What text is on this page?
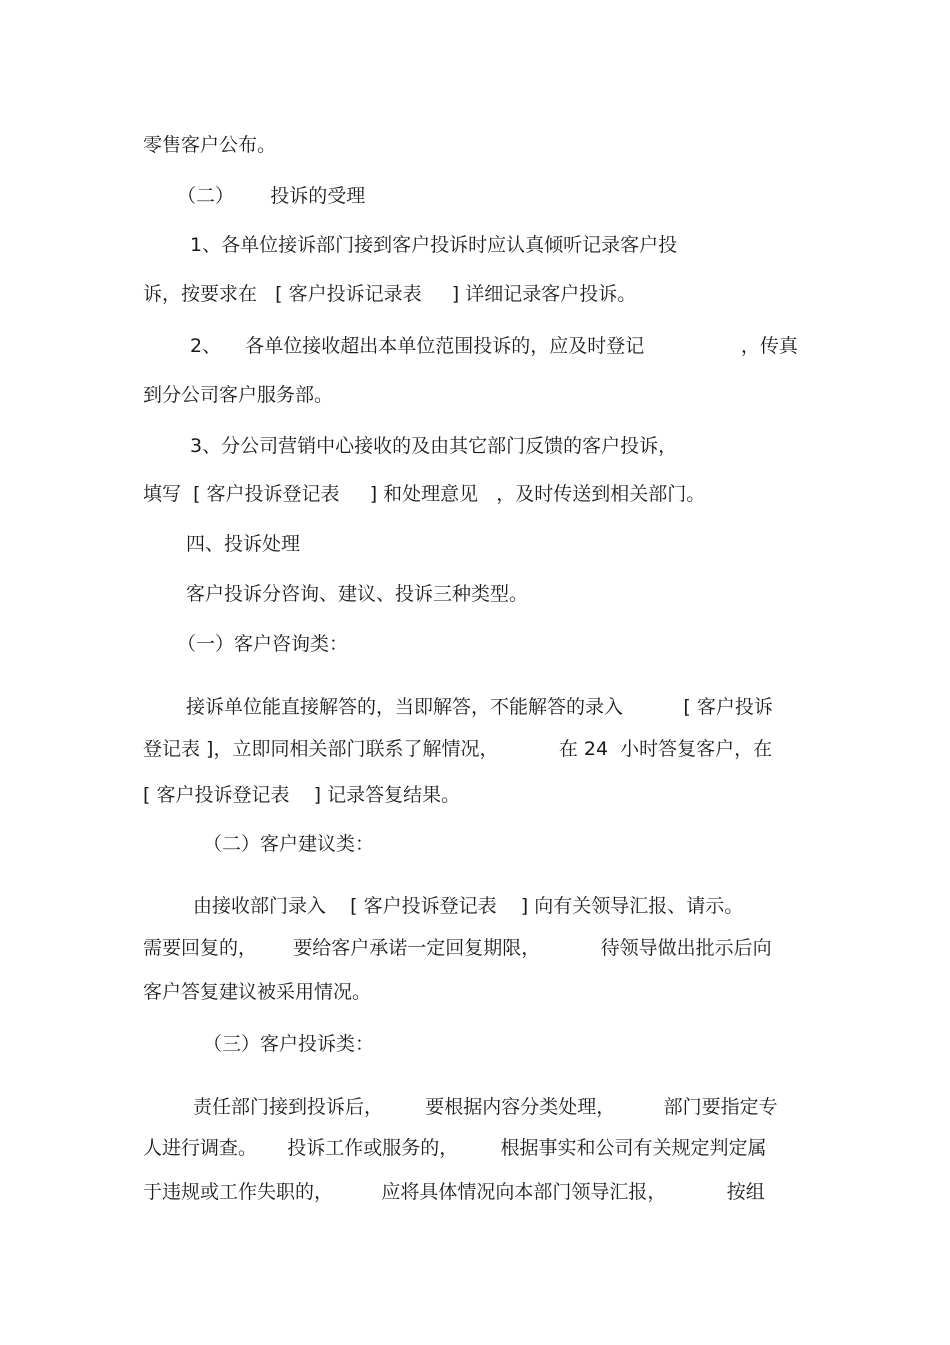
零售客户公布。
（二）      投诉的受理
1、各单位接诉部门接到客户投诉时应认真倾听记录客户投
诉，按要求在   [ 客户投诉记录表     ] 详细记录客户投诉。
2、    各单位接收超出本单位范围投诉的，应及时登记                ，传真
到分公司客户服务部。
3、分公司营销中心接收的及由其它部门反馈的客户投诉，
填写  [ 客户投诉登记表     ] 和处理意见   ，及时传送到相关部门。
四、投诉处理
客户投诉分咨询、建议、投诉三种类型。
（一）客户咨询类：
接诉单位能直接解答的，当即解答，不能解答的录入          [ 客户投诉
登记表 ]，立即同相关部门联系了解情况，          在 24  小时答复客户，在
[ 客户投诉登记表    ] 记录答复结果。
（二）客户建议类：
由接收部门录入    [ 客户投诉登记表    ] 向有关领导汇报、请示。
需要回复的，      要给客户承诺一定回复期限，          待领导做出批示后向
客户答复建议被采用情况。
（三）客户投诉类：
责任部门接到投诉后，       要根据内容分类处理，        部门要指定专
人进行调查。     投诉工作或服务的，       根据事实和公司有关规定判定属
于违规或工作失职的，        应将具体情况向本部门领导汇报，          按组
